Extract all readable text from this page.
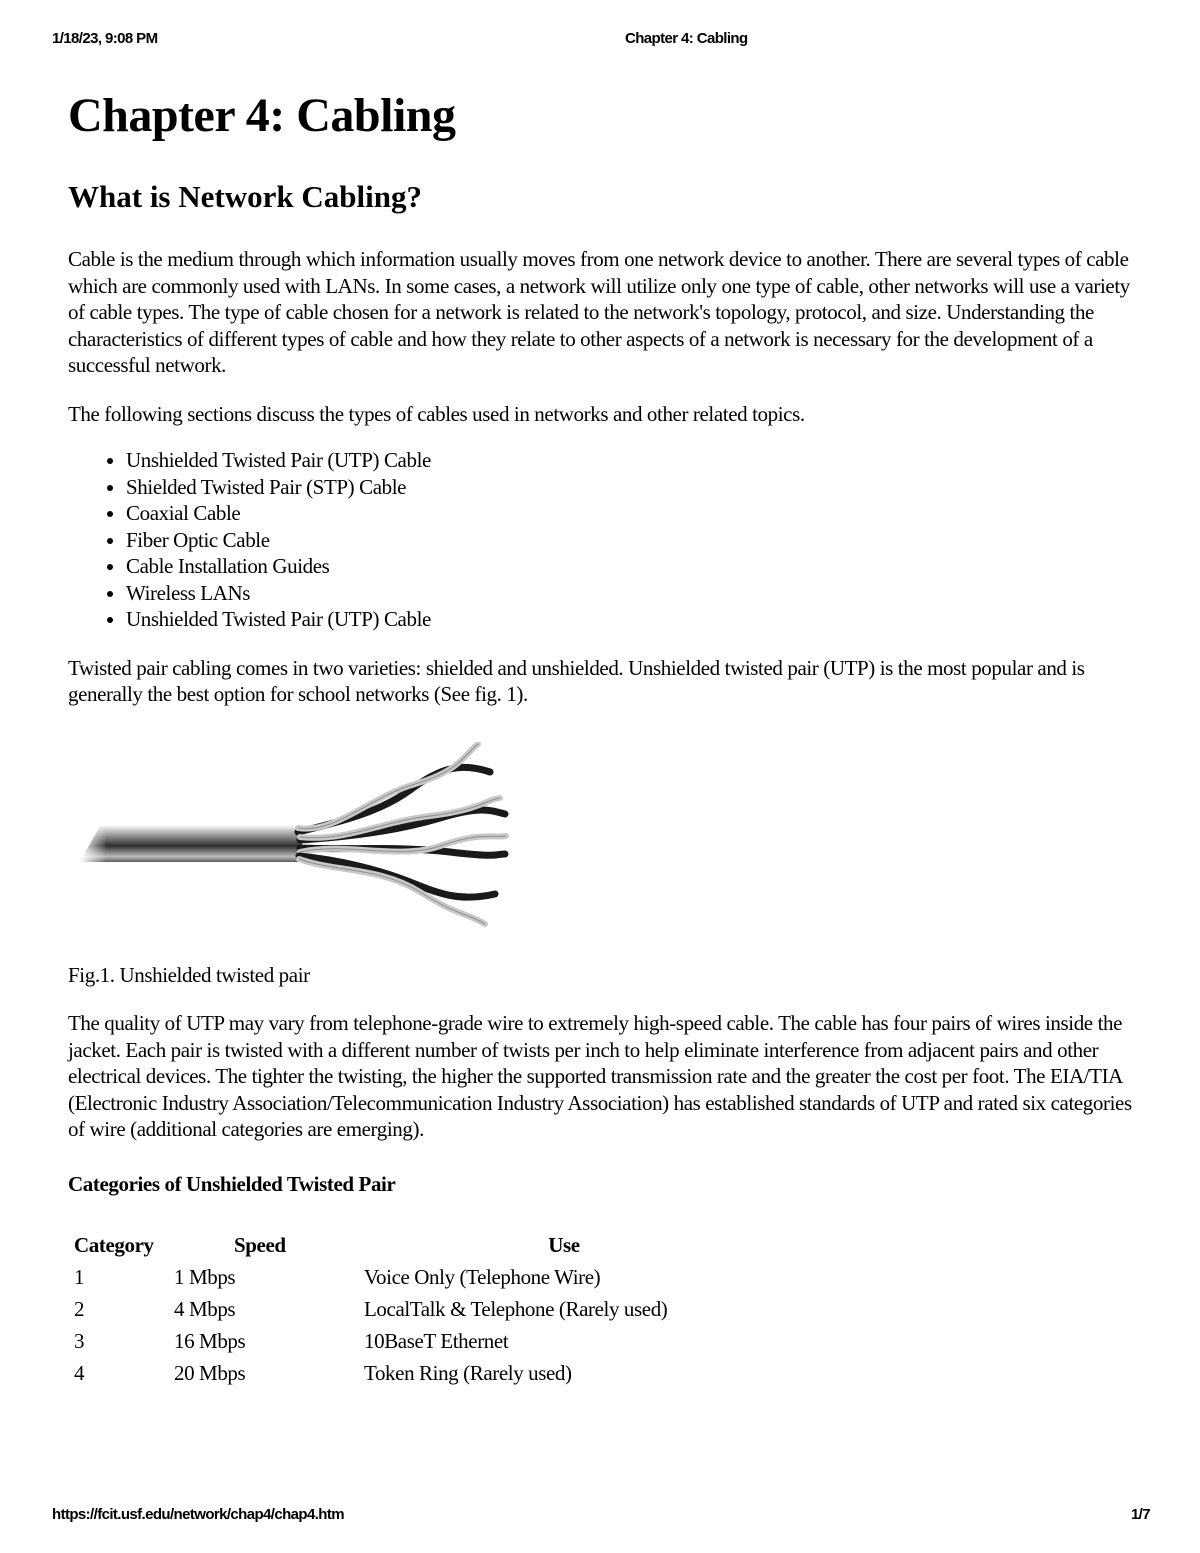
1/18/23, 9:08 PM	Chapter 4: Cabling
Chapter 4: Cabling
What is Network Cabling?

Cable is the medium through which information usually moves from one network device to another. There are several types of cable which are commonly used with LANs. In some cases, a network will utilize only one type of cable, other networks will use a variety of cable types. The type of cable chosen for a network is related to the network's topology, protocol, and size. Understanding the characteristics of different types of cable and how they relate to other aspects of a network is necessary for the development of a successful network.

The following sections discuss the types of cables used in networks and other related topics.

• Unshielded Twisted Pair (UTP) Cable
• Shielded Twisted Pair (STP) Cable
• Coaxial Cable
• Fiber Optic Cable
• Cable Installation Guides
• Wireless LANs
• Unshielded Twisted Pair (UTP) Cable

Twisted pair cabling comes in two varieties: shielded and unshielded. Unshielded twisted pair (UTP) is the most popular and is generally the best option for school networks (See fig. 1).

Fig.1. Unshielded twisted pair

The quality of UTP may vary from telephone-grade wire to extremely high-speed cable. The cable has four pairs of wires inside the jacket. Each pair is twisted with a different number of twists per inch to help eliminate interference from adjacent pairs and other electrical devices. The tighter the twisting, the higher the supported transmission rate and the greater the cost per foot. The EIA/TIA (Electronic Industry Association/Telecommunication Industry Association) has established standards of UTP and rated six categories of wire (additional categories are emerging).

Categories of Unshielded Twisted Pair

Category	Speed	Use
1	1 Mbps	Voice Only (Telephone Wire)
2	4 Mbps	LocalTalk & Telephone (Rarely used)
3	16 Mbps	10BaseT Ethernet
4	20 Mbps	Token Ring (Rarely used)
https://fcit.usf.edu/network/chap4/chap4.htm	1/7
